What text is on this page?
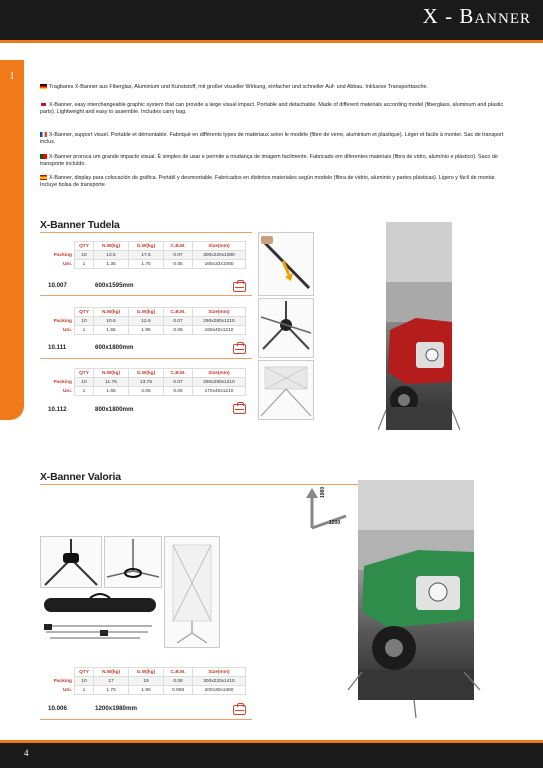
X - Banner
1
Tragbares X-Banner aus Fiberglas, Aluminium und Kunststoff, mit großer visueller Wirkung, einfacher und schneller Auf- und Abbau. Inklusive Transporttasche.
X-Banner, easy interchangeable graphic system that can provide a large visual impact. Portable and detachable. Made of different materials according model (fiberglass, aluminum and plastic parts). Lightweight and easy to assemble. Includes carry bag.
X-Banner, support visuel. Portable et démontable. Fabriqué en différents types de matériaux selon le modèle (fibre de verre, aluminium et plastique). Léger et facile à monter. Sac de transport inclus.
X-Banner proroca um grande impacto visual. É simples de usar e permite a mudança de imagem facilmente. Fabricado em diferentes materiais (fibra de vidro, alumínio e plástico). Saco de transporte incluído.
X-Banner, display para colocación de gráfica. Portátil y desmontable. Fabricados en distintos materiales según modelo (fibra de vidrio, aluminio y partes plásticas). Ligero y fácil de montar. Incluye bolsa de transporte.
X-Banner Tudela
	QTY	N.W(kg)	G.W(kg)	C.B.M.	Size(mm)
Packing	10	13.5	17.5	0.07	300x220x1080
Uni.	1	1.35	1.75	0.05	165x33x1080
10.007	600x1595mm
	QTY	N.W(kg)	G.W(kg)	C.B.M.	Size(mm)
Packing	10	10.6	12.6	0.07	290x280x1210
Uni.	1	1.55	1.95	0.06	160x40x1210
10.111	600x1800mm
	QTY	N.W(kg)	G.W(kg)	C.B.M.	Size(mm)
Packing	10	11.75	13.75	0.07	290x290x1210
Uni.	1	1.65	2.05	0.06	170x40x1210
10.112	800x1800mm
X-Banner Valoria
1980
1200
	QTY	N.W(kg)	G.W(kg)	C.B.M.	Size(mm)
Packing	10	17	19	0.08	300x220x1410
Uni.	1	1.70	1.90	0.008	200x30x1360
10.006	1200x1980mm
4
